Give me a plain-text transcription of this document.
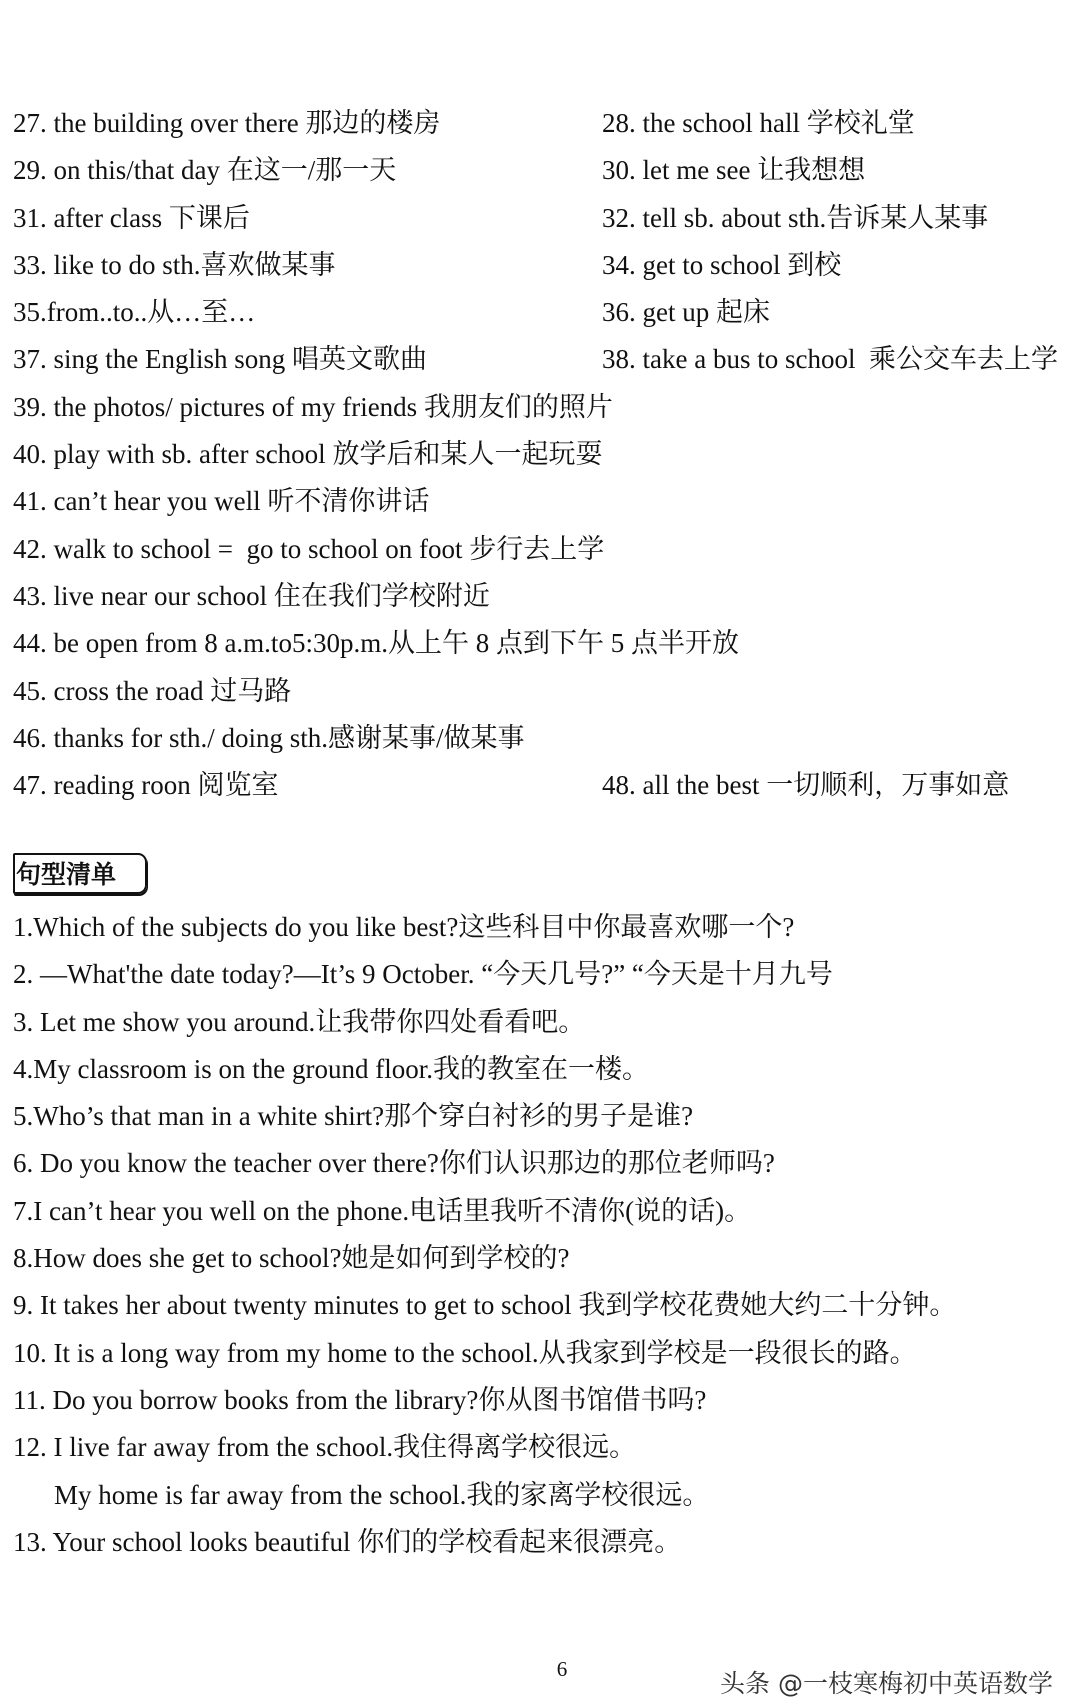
27. the building over there 那边的楼房

	28. the school hall 学校礼堂

29. on this/that day 在这一/那一天

	30. let me see 让我想想

31. after class 下课后

	32. tell sb. about sth.告诉某人某事

33. like to do sth.喜欢做某事

	34. get to school 到校

35.from..to..从…至…

	36. get up 起床

37. sing the English song 唱英文歌曲

	38. take a bus to school  乘公交车去上学

39. the photos/ pictures of my friends 我朋友们的照片

40. play with sb. after school 放学后和某人一起玩耍

41. can’t hear you well 听不清你讲话

42. walk to school =  go to school on foot 步行去上学

43. live near our school 住在我们学校附近

44. be open from 8 a.m.to5:30p.m.从上午 8 点到下午 5 点半开放

45. cross the road 过马路

46. thanks for sth./ doing sth.感谢某事/做某事

47. reading roon 阅览室

	48. all the best 一切顺利，万事如意

句型清单
1.Which of the subjects do you like best?这些科目中你最喜欢哪一个?
2. —What'the date today?—It’s 9 October. “今天几号?” “今天是十月九号
3. Let me show you around.让我带你四处看看吧。
4.My classroom is on the ground floor.我的教室在一楼。
5.Who’s that man in a white shirt?那个穿白衬衫的男子是谁?
6. Do you know the teacher over there?你们认识那边的那位老师吗?
7.I can’t hear you well on the phone.电话里我听不清你(说的话)。
8.How does she get to school?她是如何到学校的?
9. It takes her about twenty minutes to get to school 我到学校花费她大约二十分钟。
10. It is a long way from my home to the school.从我家到学校是一段很长的路。
11. Do you borrow books from the library?你从图书馆借书吗?
12. I live far away from the school.我住得离学校很远。
My home is far away from the school.我的家离学校很远。
13. Your school looks beautiful 你们的学校看起来很漂亮。
6	头条 @一枝寒梅初中英语数学
